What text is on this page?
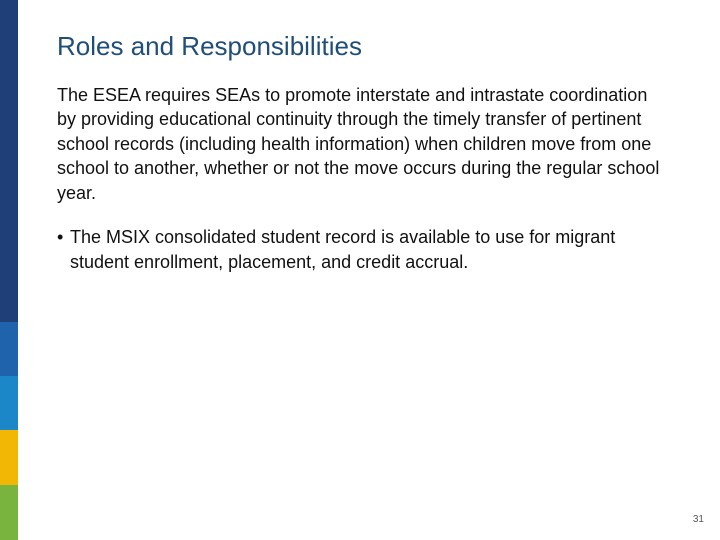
Roles and Responsibilities

The ESEA requires SEAs to promote interstate and intrastate coordination by providing educational continuity through the timely transfer of pertinent school records (including health information) when children move from one school to another, whether or not the move occurs during the regular school year.

• The MSIX consolidated student record is available to use for migrant student enrollment, placement, and credit accrual.
31
